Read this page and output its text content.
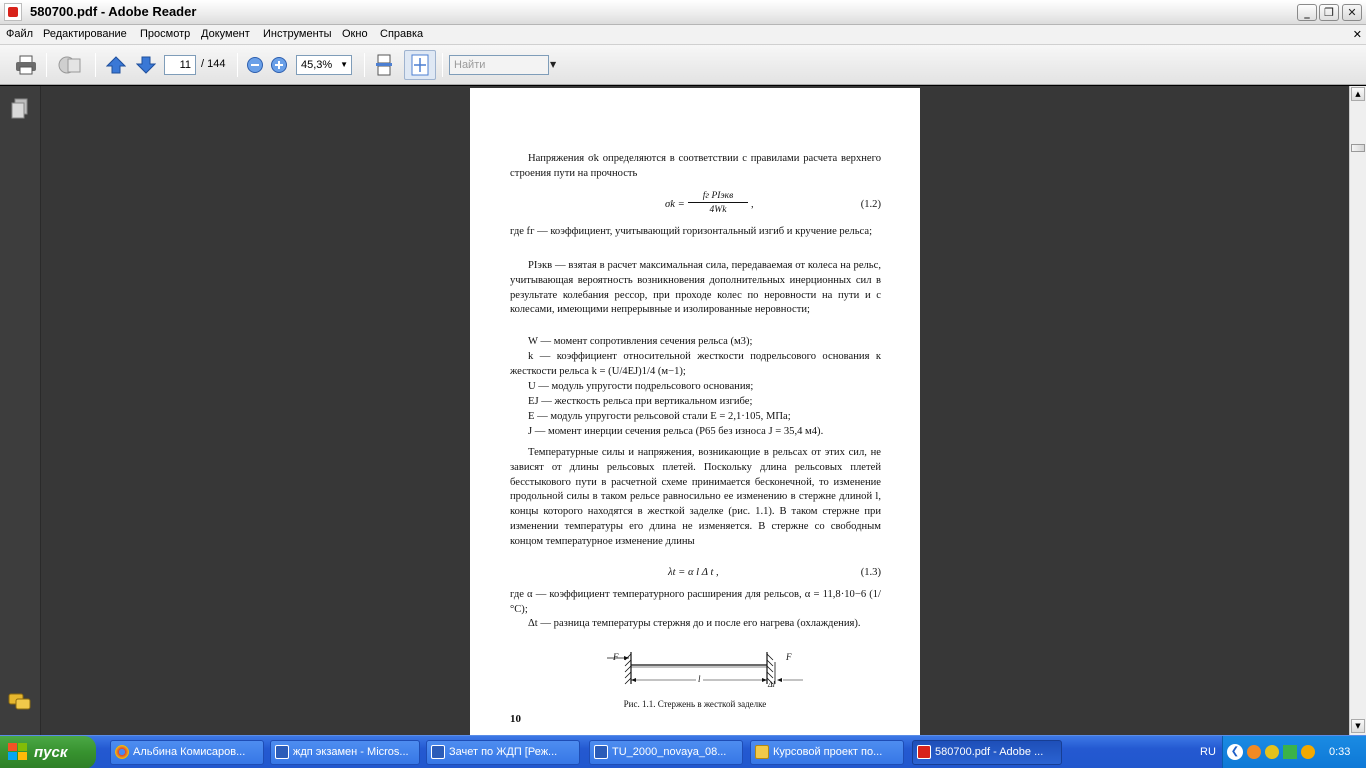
580700.pdf - Adobe Reader	_	❐	✕
Файл Редактирование Просмотр Документ Инструменты Окно Справка	✕
11 / 144	45,3% ▼	Найти	▼
Напряжения σk определяются в соответствии с правилами расчета верхнего строения пути на прочность
σk =
fг PIэкв
4Wk	,	(1.2)
где fг — коэффициент, учитывающий горизонтальный изгиб и кручение рельса;
PIэкв — взятая в расчет максимальная сила, передаваемая от колеса на рельс, учитывающая вероятность возникновения дополнительных инерционных сил в результате колебания рессор, при проходе колес по неровности на пути и с колесами, имеющими непрерывные и изолированные неровности;
W — момент сопротивления сечения рельса (м3);
k — коэффициент относительной жесткости подрельсового основания к жесткости рельса k = (U/4EJ)1/4 (м−1);
U — модуль упругости подрельсового основания;
EJ — жесткость рельса при вертикальном изгибе;
E — модуль упругости рельсовой стали E = 2,1·105, МПа;
J — момент инерции сечения рельса (Р65 без износа J = 35,4 м4).
Температурные силы и напряжения, возникающие в рельсах от этих сил, не зависят от длины рельсовых плетей. Поскольку длина рельсовых плетей бесстыкового пути в расчетной схеме принимается бесконечной, то изменение продольной силы в таком рельсе равносильно ее изменению в стержне длиной l, концы которого находятся в жесткой заделке (рис. 1.1). В таком стержне при изменении температуры его длина не изменяется. В стержне со свободным концом температурное изменение длины
λt = α l Δ t ,	(1.3)
где α — коэффициент температурного расширения для рельсов, α = 11,8·10−6 (1/°С);
Δt — разница температуры стержня до и после его нагрева (охлаждения).
F	F
l
Δl
Рис. 1.1. Стержень в жесткой заделке
10
▲
▼
пуск	Альбина Комисаров...	ждп экзамен - Micros...	Зачет по ЖДП [Реж...	TU_2000_novaya_08...	Курсовой проект по...	580700.pdf - Adobe ...	RU	❮	0:33
